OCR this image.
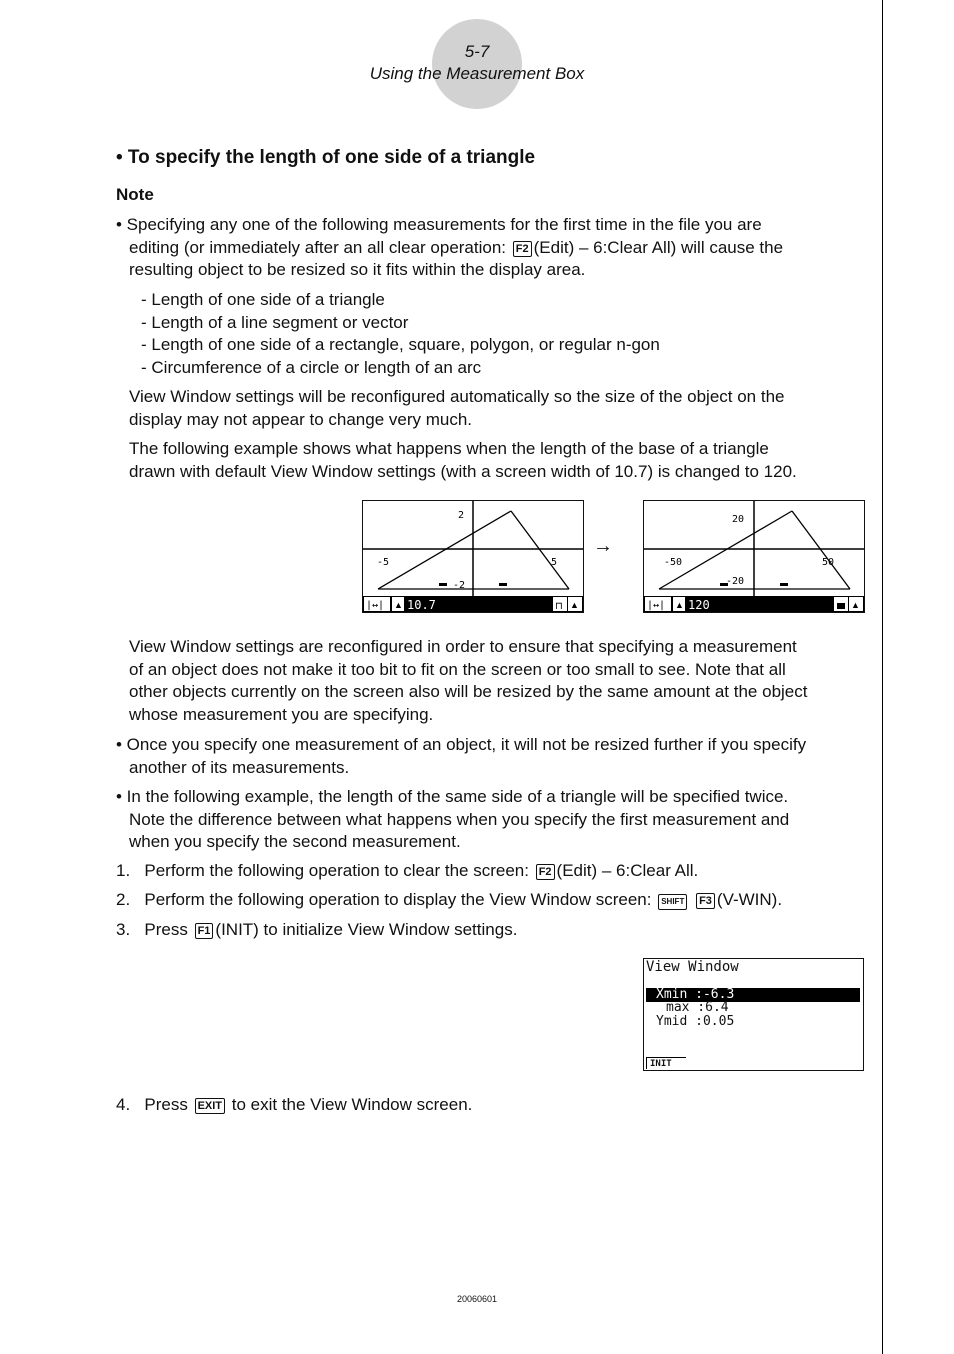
5-7
Using the Measurement Box
• To specify the length of one side of a triangle
Note
• Specifying any one of the following measurements for the first time in the file you are
editing (or immediately after an all clear operation: F2 (Edit) – 6:Clear All) will cause the
resulting object to be resized so it fits within the display area.
- Length of one side of a triangle
- Length of a line segment or vector
- Length of one side of a rectangle, square, polygon, or regular n-gon
- Circumference of a circle or length of an arc
View Window settings will be reconfigured automatically so the size of the object on the
display may not appear to change very much.
The following example shows what happens when the length of the base of a triangle
drawn with default View Window settings (with a screen width of 10.7) is changed to 120.
2
-5	5
-2
|↔| ▲ 10.7	⊓ ▲
→
20
-50	50
-20
|↔| ▲ 120	▲
View Window settings are reconfigured in order to ensure that specifying a measurement
of an object does not make it too bit to fit on the screen or too small to see. Note that all
other objects currently on the screen also will be resized by the same amount at the object
whose measurement you are specifying.
• Once you specify one measurement of an object, it will not be resized further if you specify
another of its measurements.
• In the following example, the length of the same side of a triangle will be specified twice.
Note the difference between what happens when you specify the first measurement and
when you specify the second measurement.
1. Perform the following operation to clear the screen: F2 (Edit) – 6:Clear All.
2. Perform the following operation to display the View Window screen: SHIFT F3 (V-WIN).
3. Press F1 (INIT) to initialize View Window settings.
View Window
Xmin :-6.3
max :6.4
Ymid :0.05
INIT
4. Press EXIT to exit the View Window screen.
20060601
